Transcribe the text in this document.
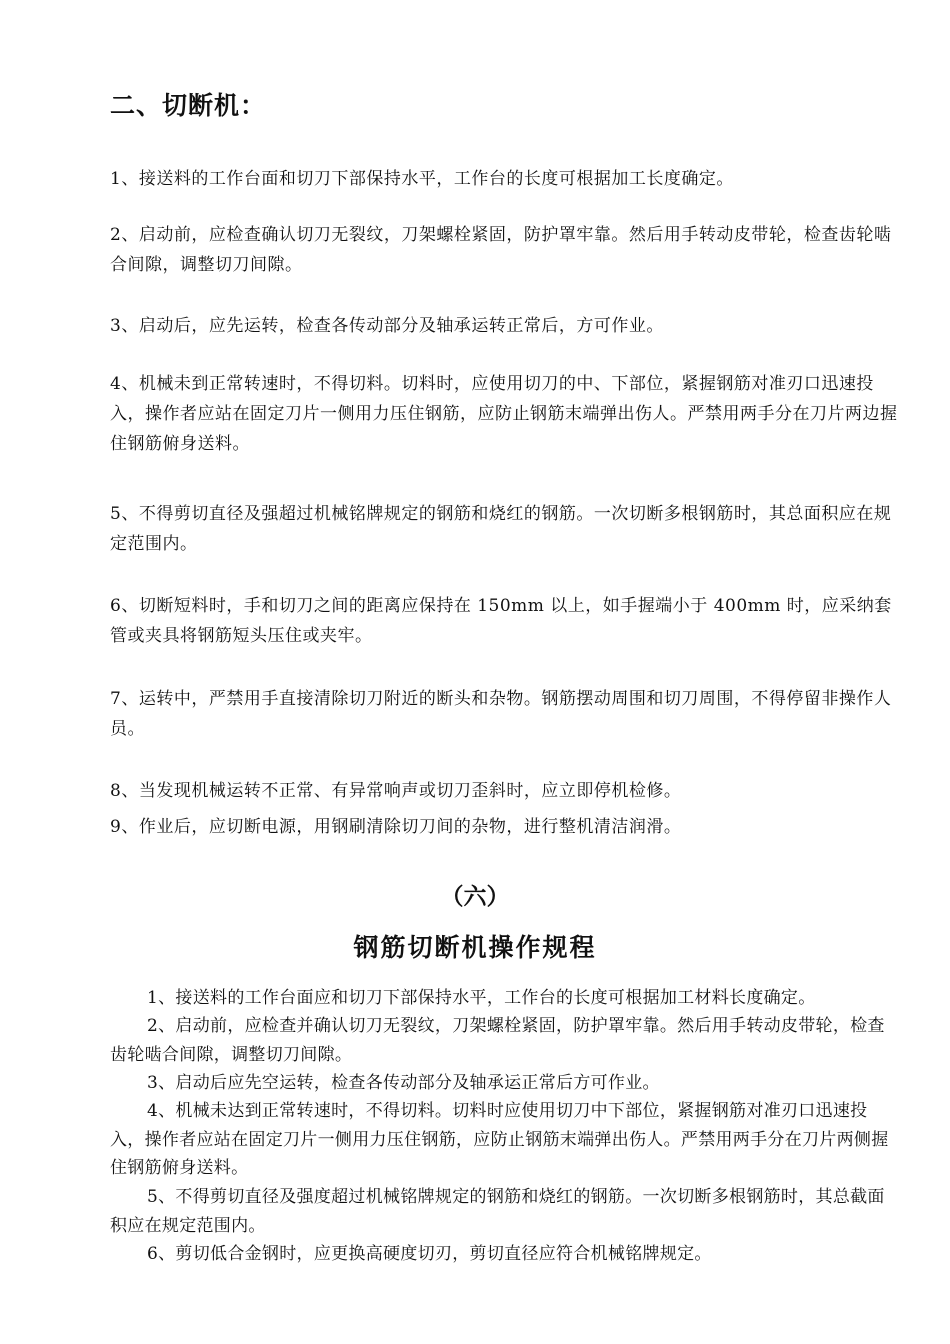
二、切断机：

1、接送料的工作台面和切刀下部保持水平，工作台的长度可根据加工长度确定。

2、启动前，应检查确认切刀无裂纹，刀架螺栓紧固，防护罩牢靠。然后用手转动皮带轮，检查齿轮啮合间隙，调整切刀间隙。

3、启动后，应先运转，检查各传动部分及轴承运转正常后，方可作业。

4、机械未到正常转速时，不得切料。切料时，应使用切刀的中、下部位，紧握钢筋对准刃口迅速投入，操作者应站在固定刀片一侧用力压住钢筋，应防止钢筋末端弹出伤人。严禁用两手分在刀片两边握住钢筋俯身送料。

5、不得剪切直径及强超过机械铭牌规定的钢筋和烧红的钢筋。一次切断多根钢筋时，其总面积应在规定范围内。

6、切断短料时，手和切刀之间的距离应保持在 150mm 以上，如手握端小于 400mm 时，应采纳套管或夹具将钢筋短头压住或夹牢。

7、运转中，严禁用手直接清除切刀附近的断头和杂物。钢筋摆动周围和切刀周围，不得停留非操作人员。

8、当发现机械运转不正常、有异常响声或切刀歪斜时，应立即停机检修。

9、作业后，应切断电源，用钢刷清除切刀间的杂物，进行整机清洁润滑。

（六）
钢筋切断机操作规程

1、接送料的工作台面应和切刀下部保持水平，工作台的长度可根据加工材料长度确定。

2、启动前，应检查并确认切刀无裂纹，刀架螺栓紧固，防护罩牢靠。然后用手转动皮带轮，检查齿轮啮合间隙，调整切刀间隙。

3、启动后应先空运转，检查各传动部分及轴承运正常后方可作业。

4、机械未达到正常转速时，不得切料。切料时应使用切刀中下部位，紧握钢筋对准刃口迅速投入，操作者应站在固定刀片一侧用力压住钢筋，应防止钢筋末端弹出伤人。严禁用两手分在刀片两侧握住钢筋俯身送料。

5、不得剪切直径及强度超过机械铭牌规定的钢筋和烧红的钢筋。一次切断多根钢筋时，其总截面积应在规定范围内。

6、剪切低合金钢时，应更换高硬度切刃，剪切直径应符合机械铭牌规定。
